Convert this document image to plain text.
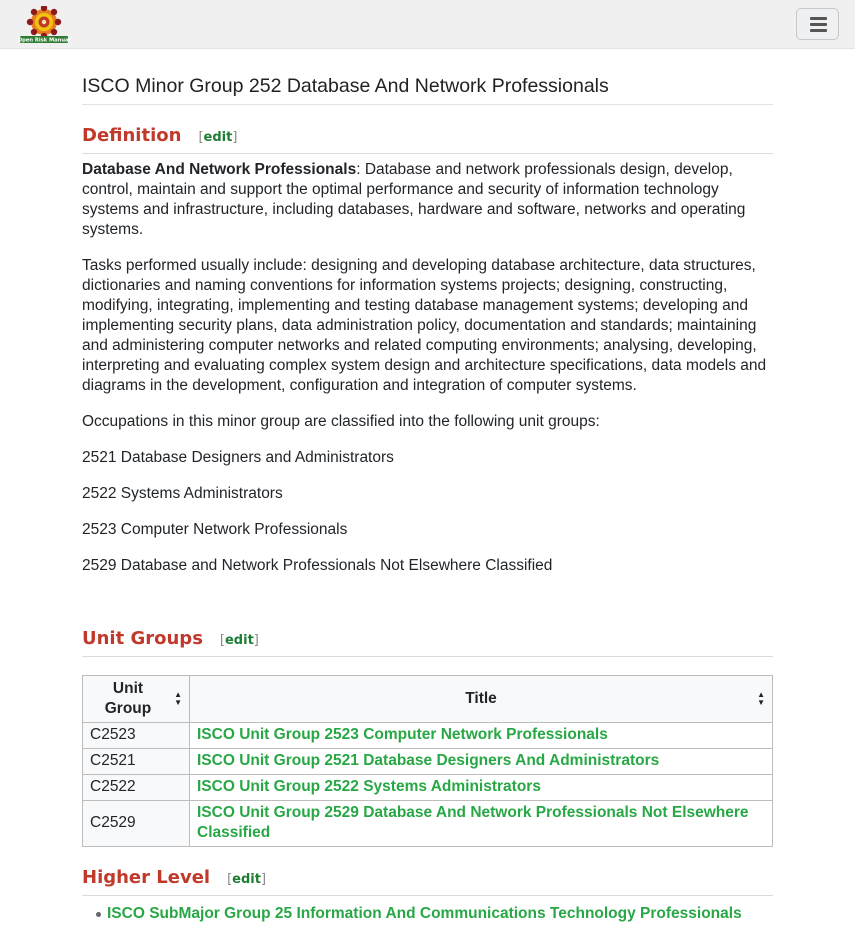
Open Risk Manual
ISCO Minor Group 252 Database And Network Professionals
Definition [edit]

Database And Network Professionals: Database and network professionals design, develop, control, maintain and support the optimal performance and security of information technology systems and infrastructure, including databases, hardware and software, networks and operating systems.

Tasks performed usually include: designing and developing database architecture, data structures, dictionaries and naming conventions for information systems projects; designing, constructing, modifying, integrating, implementing and testing database management systems; developing and implementing security plans, data administration policy, documentation and standards; maintaining and administering computer networks and related computing environments; analysing, developing, interpreting and evaluating complex system design and architecture specifications, data models and diagrams in the development, configuration and integration of computer systems.

Occupations in this minor group are classified into the following unit groups:

2521 Database Designers and Administrators

2522 Systems Administrators

2523 Computer Network Professionals

2529 Database and Network Professionals Not Elsewhere Classified

Unit Groups [edit]
Unit Group
▲
▼	Title ▲
▼

C2523	ISCO Unit Group 2523 Computer Network Professionals
C2521	ISCO Unit Group 2521 Database Designers And Administrators
C2522	ISCO Unit Group 2522 Systems Administrators
C2529	ISCO Unit Group 2529 Database And Network Professionals Not Elsewhere Classified
Higher Level [edit]
ISCO SubMajor Group 25 Information And Communications Technology Professionals
